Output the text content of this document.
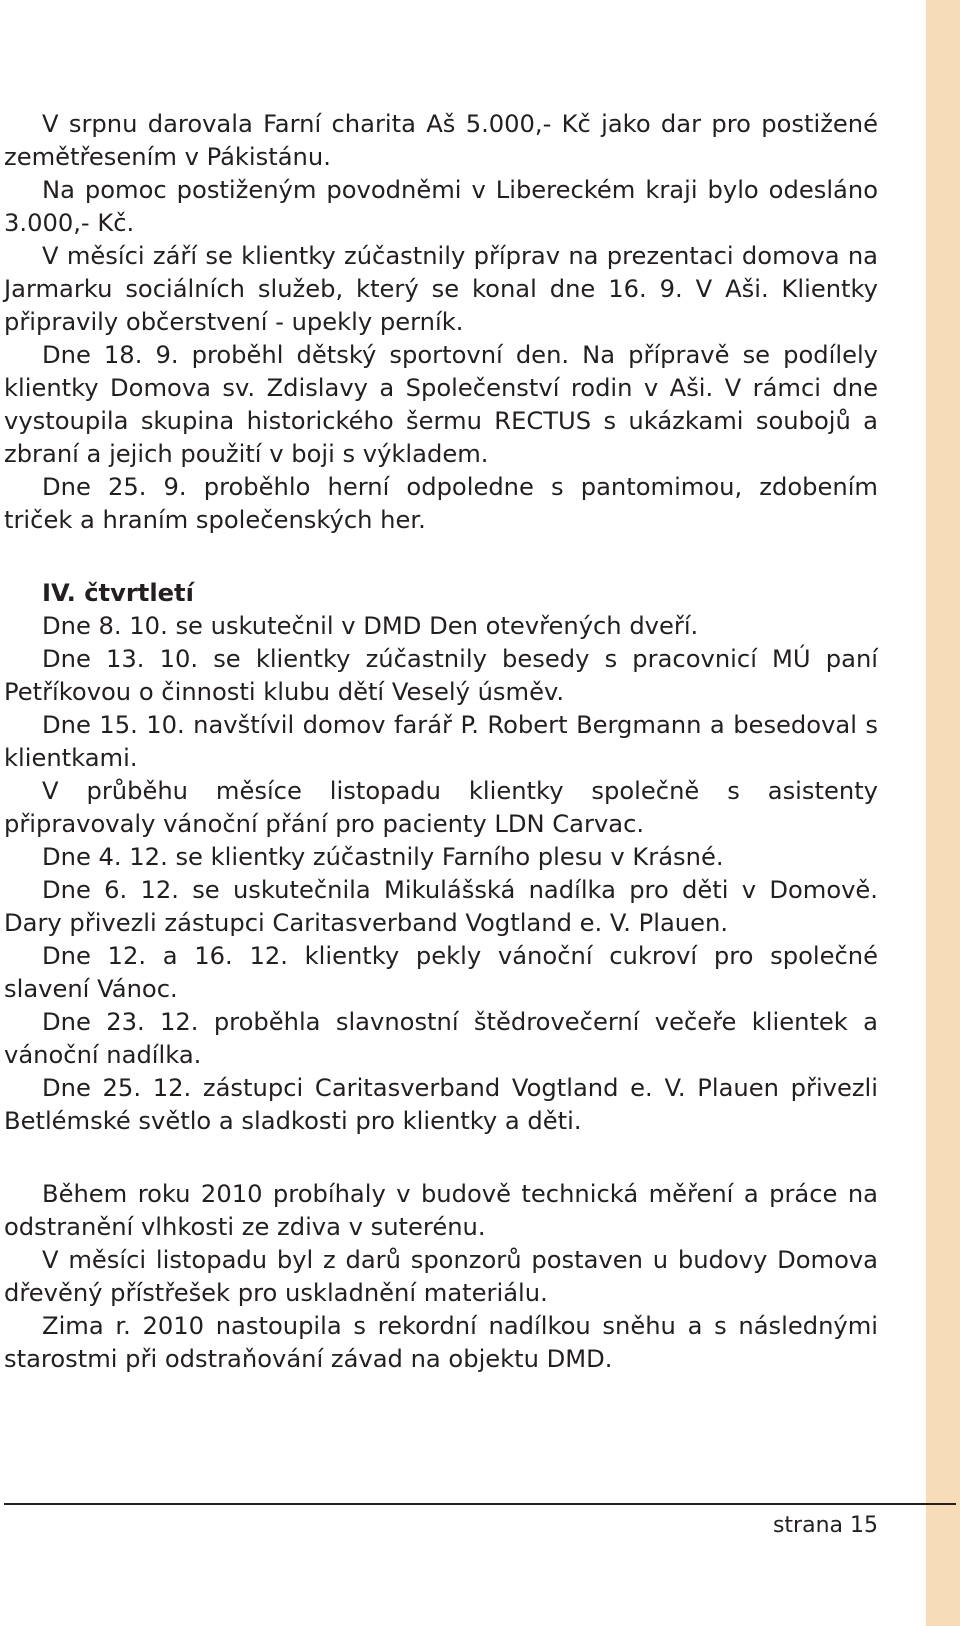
V srpnu darovala Farní charita Aš 5.000,- Kč jako dar pro postižené zemětřesením v Pákistánu.

Na pomoc postiženým povodněmi v Libereckém kraji bylo odesláno 3.000,- Kč.

V měsíci září se klientky zúčastnily příprav na prezentaci domova na Jarmarku sociálních služeb, který se konal dne 16. 9. V Aši. Klientky připravily občerstvení - upekly perník.

Dne 18. 9. proběhl dětský sportovní den. Na přípravě se podílely klientky Domova sv. Zdislavy a Společenství rodin v Aši. V rámci dne vystoupila skupina historického šermu RECTUS s ukázkami soubojů a zbraní a jejich použití v boji s výkladem.

Dne 25. 9. proběhlo herní odpoledne s pantomimou, zdobením triček a hraním společenských her.

IV. čtvrtletí

Dne 8. 10. se uskutečnil v DMD Den otevřených dveří.

Dne 13. 10. se klientky zúčastnily besedy s pracovnicí MÚ paní Petříkovou o činnosti klubu dětí Veselý úsměv.

Dne 15. 10. navštívil domov farář P. Robert Bergmann a besedoval s klientkami.

V průběhu měsíce listopadu klientky společně s asistenty připravovaly vánoční přání pro pacienty LDN Carvac.

Dne 4. 12. se klientky zúčastnily Farního plesu v Krásné.

Dne 6. 12. se uskutečnila Mikulášská nadílka pro děti v Domově. Dary přivezli zástupci Caritasverband Vogtland e. V. Plauen.

Dne 12. a 16. 12. klientky pekly vánoční cukroví pro společné slavení Vánoc.

Dne 23. 12. proběhla slavnostní štědrovečerní večeře klientek a vánoční nadílka.

Dne 25. 12. zástupci Caritasverband Vogtland e. V. Plauen přivezli Betlémské světlo a sladkosti pro klientky a děti.

Během roku 2010 probíhaly v budově technická měření a práce na odstranění vlhkosti ze zdiva v suterénu.

V měsíci listopadu byl z darů sponzorů postaven u budovy Domova dřevěný přístřešek pro uskladnění materiálu.

Zima r. 2010 nastoupila s rekordní nadílkou sněhu a s následnými starostmi při odstraňování závad na objektu DMD.

strana 15
